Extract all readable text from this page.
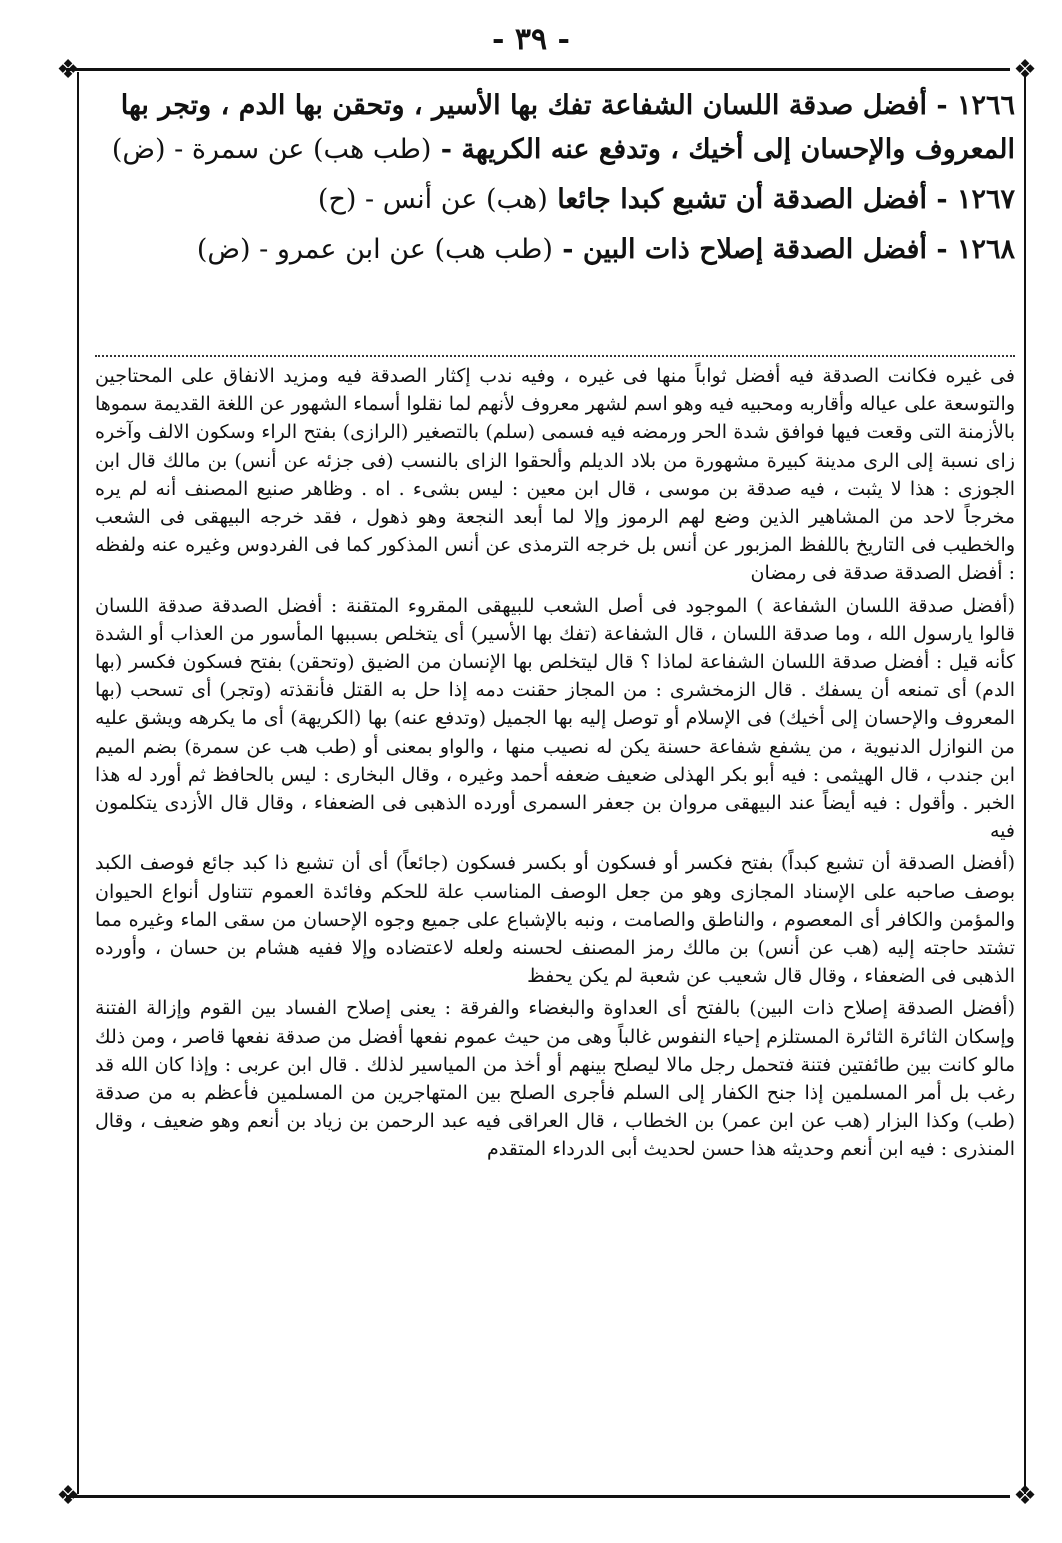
- ٣٩ -
❖	❖
❖	❖

١٢٦٦ - أفضل صدقة اللسان الشفاعة تفك بها الأسير ، وتحقن بها الدم ، وتجر بها المعروف والإحسان إلى أخيك ، وتدفع عنه الكريهة - (طب هب) عن سمرة - (ض)

١٢٦٧ - أفضل الصدقة أن تشبع كبدا جائعا (هب) عن أنس - (ح)

١٢٦٨ - أفضل الصدقة إصلاح ذات البين - (طب هب) عن ابن عمرو - (ض)

فى غيره فكانت الصدقة فيه أفضل ثواباً منها فى غيره ، وفيه ندب إكثار الصدقة فيه ومزيد الانفاق على المحتاجين والتوسعة على عياله وأقاربه ومحبيه فيه وهو اسم لشهر معروف لأنهم لما نقلوا أسماء الشهور عن اللغة القديمة سموها بالأزمنة التى وقعت فيها فوافق شدة الحر ورمضه فيه فسمى (سلم) بالتصغير (الرازى) بفتح الراء وسكون الالف وآخره زاى نسبة إلى الرى مدينة كبيرة مشهورة من بلاد الديلم وألحقوا الزاى بالنسب (فى جزئه عن أنس) بن مالك قال ابن الجوزى : هذا لا يثبت ، فيه صدقة بن موسى ، قال ابن معين : ليس بشىء . اه . وظاهر صنيع المصنف أنه لم يره مخرجاً لاحد من المشاهير الذين وضع لهم الرموز وإلا لما أبعد النجعة وهو ذهول ، فقد خرجه البيهقى فى الشعب والخطيب فى التاريخ باللفظ المزبور عن أنس بل خرجه الترمذى عن أنس المذكور كما فى الفردوس وغيره عنه ولفظه : أفضل الصدقة صدقة فى رمضان

(أفضل صدقة اللسان الشفاعة ) الموجود فى أصل الشعب للبيهقى المقروء المتقنة : أفضل الصدقة صدقة اللسان قالوا يارسول الله ، وما صدقة اللسان ، قال الشفاعة (تفك بها الأسير) أى يتخلص بسببها المأسور من العذاب أو الشدة كأنه قيل : أفضل صدقة اللسان الشفاعة لماذا ؟ قال ليتخلص بها الإنسان من الضيق (وتحقن) بفتح فسكون فكسر (بها الدم) أى تمنعه أن يسفك . قال الزمخشرى : من المجاز حقنت دمه إذا حل به القتل فأنقذته (وتجر) أى تسحب (بها المعروف والإحسان إلى أخيك) فى الإسلام أو توصل إليه بها الجميل (وتدفع عنه) بها (الكريهة) أى ما يكرهه ويشق عليه من النوازل الدنيوية ، من يشفع شفاعة حسنة يكن له نصيب منها ، والواو بمعنى أو (طب هب عن سمرة) بضم الميم ابن جندب ، قال الهيثمى : فيه أبو بكر الهذلى ضعيف ضعفه أحمد وغيره ، وقال البخارى : ليس بالحافظ ثم أورد له هذا الخبر . وأقول : فيه أيضاً عند البيهقى مروان بن جعفر السمرى أورده الذهبى فى الضعفاء ، وقال قال الأزدى يتكلمون فيه

(أفضل الصدقة أن تشبع كبداً) بفتح فكسر أو فسكون أو بكسر فسكون (جائعاً) أى أن تشبع ذا كبد جائع فوصف الكبد بوصف صاحبه على الإسناد المجازى وهو من جعل الوصف المناسب علة للحكم وفائدة العموم تتناول أنواع الحيوان والمؤمن والكافر أى المعصوم ، والناطق والصامت ، ونبه بالإشباع على جميع وجوه الإحسان من سقى الماء وغيره مما تشتد حاجته إليه (هب عن أنس) بن مالك رمز المصنف لحسنه ولعله لاعتضاده وإلا ففيه هشام بن حسان ، وأورده الذهبى فى الضعفاء ، وقال قال شعيب عن شعبة لم يكن يحفظ

(أفضل الصدقة إصلاح ذات البين) بالفتح أى العداوة والبغضاء والفرقة : يعنى إصلاح الفساد بين القوم وإزالة الفتنة وإسكان الثائرة الثائرة المستلزم إحياء النفوس غالباً وهى من حيث عموم نفعها أفضل من صدقة نفعها قاصر ، ومن ذلك مالو كانت بين طائفتين فتنة فتحمل رجل مالا ليصلح بينهم أو أخذ من المياسير لذلك . قال ابن عربى : وإذا كان الله قد رغب بل أمر المسلمين إذا جنح الكفار إلى السلم فأجرى الصلح بين المتهاجرين من المسلمين فأعظم به من صدقة (طب) وكذا البزار (هب عن ابن عمر) بن الخطاب ، قال العراقى فيه عبد الرحمن بن زياد بن أنعم وهو ضعيف ، وقال المنذرى : فيه ابن أنعم وحديثه هذا حسن لحديث أبى الدرداء المتقدم
